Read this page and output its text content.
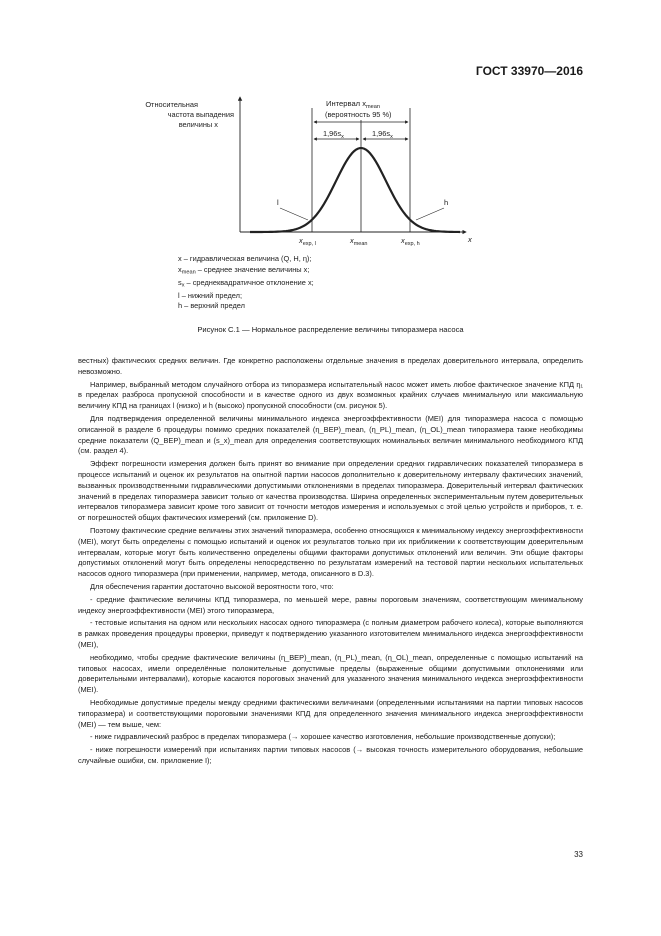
ГОСТ 33970—2016
Относительная
частота выпадения
величины x
x
Интервал $x_{mean}$
(вероятность 95 %)
$1,96s_x$	$1,96s_x$
l	h
$x_{exp, l}$	$x_{mean}$	$x_{exp, h}$
x – гидравлическая величина (Q, H, η);
$x_{mean}$ – среднее значение величины x;
$s_x$ – среднеквадратичное отклонение x;
l – нижний предел;
h – верхний предел
Рисунок С.1 — Нормальное распределение величины типоразмера насоса

вестных) фактических средних величин. Где конкретно расположены отдельные значения в пределах доверительного интервала, определить невозможно.

Например, выбранный методом случайного отбора из типоразмера испытательный насос может иметь любое фактическое значение КПД η₁ в пределах разброса пропускной способности и в качестве одного из двух возможных крайних случаев минимальную или максимальную величину КПД на границах l (низко) и h (высоко) пропускной способности (см. рисунок 5).

Для подтверждения определенной величины минимального индекса энергоэффективности (MEI) для типоразмера насоса с помощью описанной в разделе 6 процедуры помимо средних показателей (η_BEP)_mean, (η_PL)_mean, (η_OL)_mean типоразмера также необходимы средние показатели (Q_BEP)_mean и (s_x)_mean для определения соответствующих номинальных величин минимального необходимого КПД (см. раздел 4).

Эффект погрешности измерения должен быть принят во внимание при определении средних гидравлических показателей типоразмера в процессе испытаний и оценок их результатов на опытной партии насосов дополнительно к доверительному интервалу фактических значений, вызванных производственными гидравлическими допустимыми отклонениями в пределах типоразмера. Доверительный интервал фактических значений в пределах типоразмера зависит только от качества производства. Ширина определенных экспериментальным путем доверительных интервалов типоразмера зависит кроме того зависит от точности методов измерения и используемых с этой целью устройств и приборов, т. е. от погрешностей общих фактических измерений (см. приложение D).

Поэтому фактические средние величины этих значений типоразмера, особенно относящихся к минимальному индексу энергоэффективности (MEI), могут быть определены с помощью испытаний и оценок их результатов только при их приближении к соответствующим доверительным интервалам, которые могут быть количественно определены общими факторами допустимых отклонений или величин. Эти общие факторы допустимых отклонений могут быть определены непосредственно по результатам измерений на тестовой партии нескольких испытательных насосов одного типоразмера (при применении, например, метода, описанного в D.3).

Для обеспечения гарантии достаточно высокой вероятности того, что:

- средние фактические величины КПД типоразмера, по меньшей мере, равны пороговым значениям, соответствующим минимальному индексу энергоэффективности (MEI) этого типоразмера,

- тестовые испытания на одном или нескольких насосах одного типоразмера (с полным диаметром рабочего колеса), которые выполняются в рамках проведения процедуры проверки, приведут к подтверждению указанного изготовителем минимального индекса энергоэффективности (MEI),

необходимо, чтобы средние фактические величины (η_BEP)_mean, (η_PL)_mean, (η_OL)_mean, определенные с помощью испытаний на типовых насосах, имели определённые положительные допустимые пределы (выраженные общими допустимыми отклонениями или доверительными интервалами), которые касаются пороговых значений для указанного значения минимального индекса энергоэффективности (MEI).

Необходимые допустимые пределы между средними фактическими величинами (определенными испытаниями на партии типовых насосов типоразмера) и соответствующими пороговыми значениями КПД для определенного значения минимального индекса энергоэффективности (MEI) — тем выше, чем:

- ниже гидравлический разброс в пределах типоразмера (→ хорошее качество изготовления, небольшие производственные допуски);

- ниже погрешности измерений при испытаниях партии типовых насосов (→ высокая точность измерительного оборудования, небольшие случайные ошибки, см. приложение I);

33
